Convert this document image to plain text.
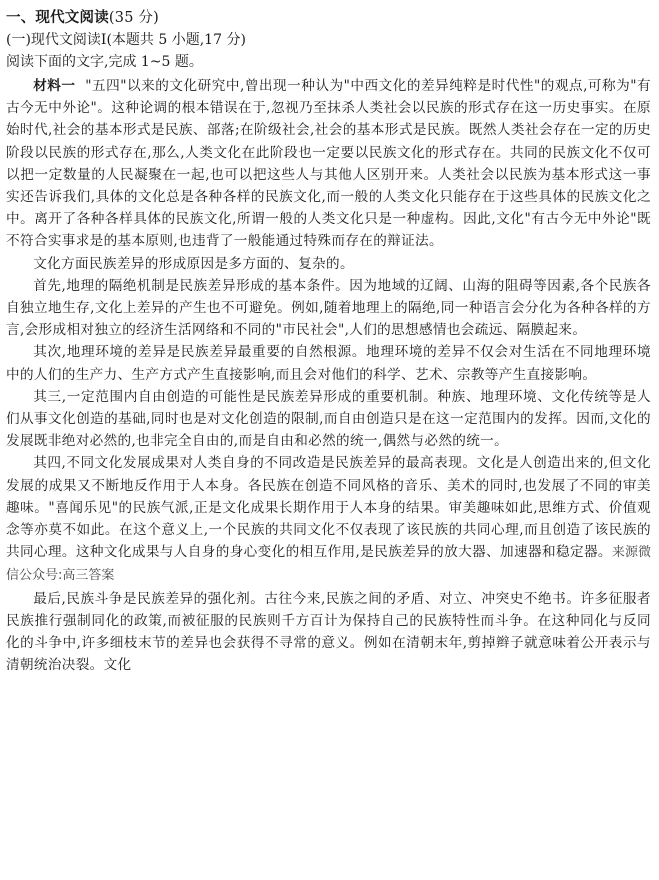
一、现代文阅读(35 分)
(一)现代文阅读Ⅰ(本题共 5 小题,17 分)
阅读下面的文字,完成 1~5 题。

材料一 "五四"以来的文化研究中,曾出现一种认为"中西文化的差异纯粹是时代性"的观点,可称为"有古今无中外论"。这种论调的根本错误在于,忽视乃至抹杀人类社会以民族的形式存在这一历史事实。在原始时代,社会的基本形式是民族、部落;在阶级社会,社会的基本形式是民族。既然人类社会存在一定的历史阶段以民族的形式存在,那么,人类文化在此阶段也一定要以民族文化的形式存在。共同的民族文化不仅可以把一定数量的人民凝聚在一起,也可以把这些人与其他人区别开来。人类社会以民族为基本形式这一事实还告诉我们,具体的文化总是各种各样的民族文化,而一般的人类文化只能存在于这些具体的民族文化之中。离开了各种各样具体的民族文化,所谓一般的人类文化只是一种虚构。因此,文化"有古今无中外论"既不符合实事求是的基本原则,也违背了一般能通过特殊而存在的辩证法。

文化方面民族差异的形成原因是多方面的、复杂的。

首先,地理的隔绝机制是民族差异形成的基本条件。因为地域的辽阔、山海的阻碍等因素,各个民族各自独立地生存,文化上差异的产生也不可避免。例如,随着地理上的隔绝,同一种语言会分化为各种各样的方言,会形成相对独立的经济生活网络和不同的"市民社会",人们的思想感情也会疏远、隔膜起来。

其次,地理环境的差异是民族差异最重要的自然根源。地理环境的差异不仅会对生活在不同地理环境中的人们的生产力、生产方式产生直接影响,而且会对他们的科学、艺术、宗教等产生直接影响。

其三,一定范围内自由创造的可能性是民族差异形成的重要机制。种族、地理环境、文化传统等是人们从事文化创造的基础,同时也是对文化创造的限制,而自由创造只是在这一定范围内的发挥。因而,文化的发展既非绝对必然的,也非完全自由的,而是自由和必然的统一,偶然与必然的统一。

其四,不同文化发展成果对人类自身的不同改造是民族差异的最高表现。文化是人创造出来的,但文化发展的成果又不断地反作用于人本身。各民族在创造不同风格的音乐、美术的同时,也发展了不同的审美趣味。"喜闻乐见"的民族气派,正是文化成果长期作用于人本身的结果。审美趣味如此,思维方式、价值观念等亦莫不如此。在这个意义上,一个民族的共同文化不仅表现了该民族的共同心理,而且创造了该民族的共同心理。这种文化成果与人自身的身心变化的相互作用,是民族差异的放大器、加速器和稳定器。来源微信公众号:高三答案

最后,民族斗争是民族差异的强化剂。古往今来,民族之间的矛盾、对立、冲突史不绝书。许多征服者民族推行强制同化的政策,而被征服的民族则千方百计为保持自己的民族特性而斗争。在这种同化与反同化的斗争中,许多细枝末节的差异也会获得不寻常的意义。例如在清朝末年,剪掉辫子就意味着公开表示与清朝统治决裂。文化
